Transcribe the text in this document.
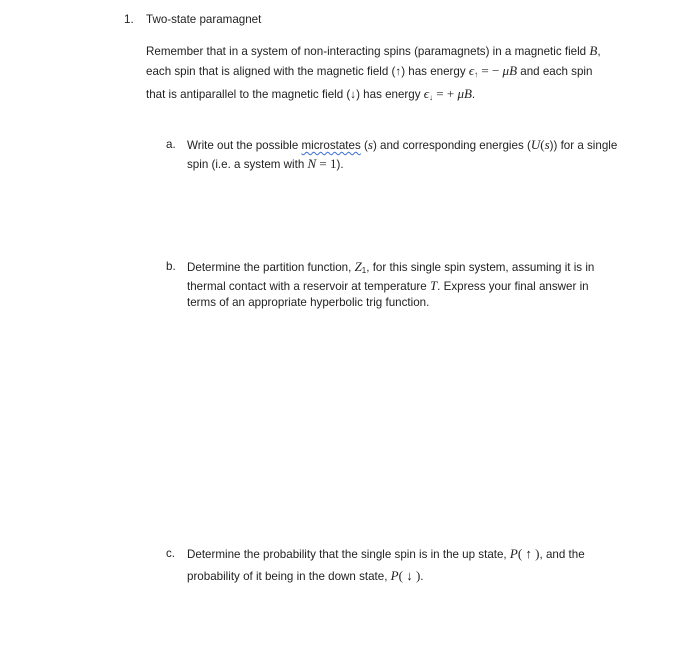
1. Two-state paramagnet
Remember that in a system of non-interacting spins (paramagnets) in a magnetic field B,
each spin that is aligned with the magnetic field (↑) has energy $\epsilon_↑$ = − μB and each spin
that is antiparallel to the magnetic field (↓) has energy $\epsilon_↓$ = + μB.
a. Write out the possible microstates (s) and corresponding energies (U(s)) for a single
spin (i.e. a system with N = 1).
b. Determine the partition function, $Z_1$, for this single spin system, assuming it is in
thermal contact with a reservoir at temperature T. Express your final answer in
terms of an appropriate hyperbolic trig function.
c. Determine the probability that the single spin is in the up state, P( ↑ ), and the
probability of it being in the down state, P( ↓ ).
